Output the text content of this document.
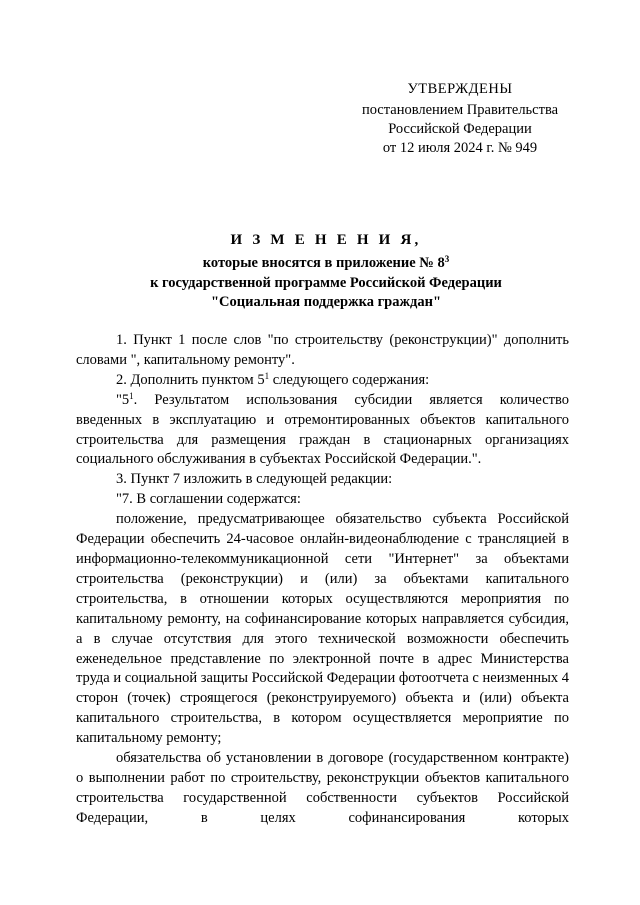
УТВЕРЖДЕНЫ
постановлением Правительства
Российской Федерации
от 12 июля 2024 г. № 949
И З М Е Н Е Н И Я,
которые вносятся в приложение № $8^3$
к государственной программе Российской Федерации
"Социальная поддержка граждан"

1. Пункт 1 после слов "по строительству (реконструкции)" дополнить словами ", капитальному ремонту".

2. Дополнить пунктом $5^1$ следующего содержания:

"$5^1$. Результатом использования субсидии является количество введенных в эксплуатацию и отремонтированных объектов капитального строительства для размещения граждан в стационарных организациях социального обслуживания в субъектах Российской Федерации.".

3. Пункт 7 изложить в следующей редакции:

"7. В соглашении содержатся:

положение, предусматривающее обязательство субъекта Российской Федерации обеспечить 24-часовое онлайн-видеонаблюдение с трансляцией в информационно-телекоммуникационной сети "Интернет" за объектами строительства (реконструкции) и (или) за объектами капитального строительства, в отношении которых осуществляются мероприятия по капитальному ремонту, на софинансирование которых направляется субсидия, а в случае отсутствия для этого технической возможности обеспечить еженедельное представление по электронной почте в адрес Министерства труда и социальной защиты Российской Федерации фотоотчета с неизменных 4 сторон (точек) строящегося (реконструируемого) объекта и (или) объекта капитального строительства, в котором осуществляется мероприятие по капитальному ремонту;

обязательства об установлении в договоре (государственном контракте) о выполнении работ по строительству, реконструкции объектов капитального строительства государственной собственности субъектов Российской Федерации, в целях софинансирования которых
